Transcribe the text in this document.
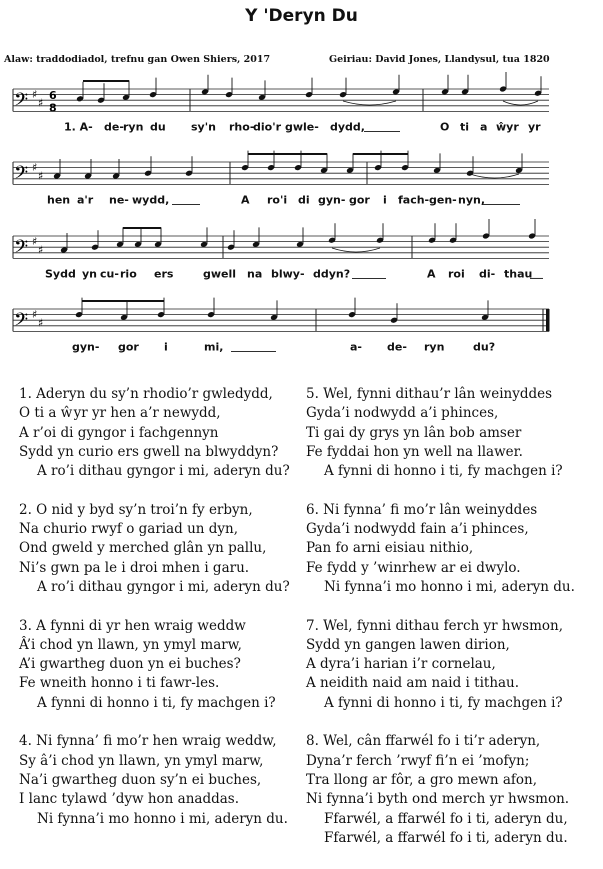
Y 'Deryn Du
Alaw: traddodiadol, trefnu gan Owen Shiers, 2017	Geiriau: David Jones, Llandysul, tua 1820
𝄢 ♯
♯
1. A- de- ryn du sy'n rho-
dio'r gwle- dydd,	O ti a ŵyr yr
𝄢 ♯
♯
hen a'r ne- wydd,	A ro'i di gyn- gor i fach- gen- nyn,
𝄢 ♯
♯
Sydd yn cu- rio ers	gwell na blwy- ddyn?	A roi di- thau
𝄢 ♯
♯
gyn- gor i	mi,	a- de- ryn	du?
6
8
1. Aderyn du sy’n rhodio’r gwledydd,
O ti a ŵyr yr hen a’r newydd,
A r’oi di gyngor i fachgennyn
Sydd yn curio ers gwell na blwyddyn?
A ro’i dithau gyngor i mi, aderyn du?
2. O nid y byd sy’n troi’n fy erbyn,
Na churio rwyf o gariad un dyn,
Ond gweld y merched glân yn pallu,
Ni’s gwn pa le i droi mhen i garu.
A ro’i dithau gyngor i mi, aderyn du?
3. A fynni di yr hen wraig weddw
Â’i chod yn llawn, yn ymyl marw,
A’i gwartheg duon yn ei buches?
Fe wneith honno i ti fawr-les.
A fynni di honno i ti, fy machgen i?
4. Ni fynna’ fi mo’r hen wraig weddw,
Sy â’i chod yn llawn, yn ymyl marw,
Na’i gwartheg duon sy’n ei buches,
I lanc tylawd ’dyw hon anaddas.
Ni fynna’i mo honno i mi, aderyn du.
5. Wel, fynni dithau’r lân weinyddes
Gyda’i nodwydd a’i phinces,
Ti gai dy grys yn lân bob amser
Fe fyddai hon yn well na llawer.
A fynni di honno i ti, fy machgen i?
6. Ni fynna’ fi mo’r lân weinyddes
Gyda’i nodwydd fain a’i phinces,
Pan fo arni eisiau nithio,
Fe fydd y ’winrhew ar ei dwylo.
Ni fynna’i mo honno i mi, aderyn du.
7. Wel, fynni dithau ferch yr hwsmon,
Sydd yn gangen lawen dirion,
A dyra’i harian i’r cornelau,
A neidith naid am naid i tithau.
A fynni di honno i ti, fy machgen i?
8. Wel, cân ffarwél fo i ti’r aderyn,
Dyna’r ferch ’rwyf fi’n ei ’mofyn;
Tra llong ar fôr, a gro mewn afon,
Ni fynna’i byth ond merch yr hwsmon.
Ffarwél, a ffarwél fo i ti, aderyn du,
Ffarwél, a ffarwél fo i ti, aderyn du.
